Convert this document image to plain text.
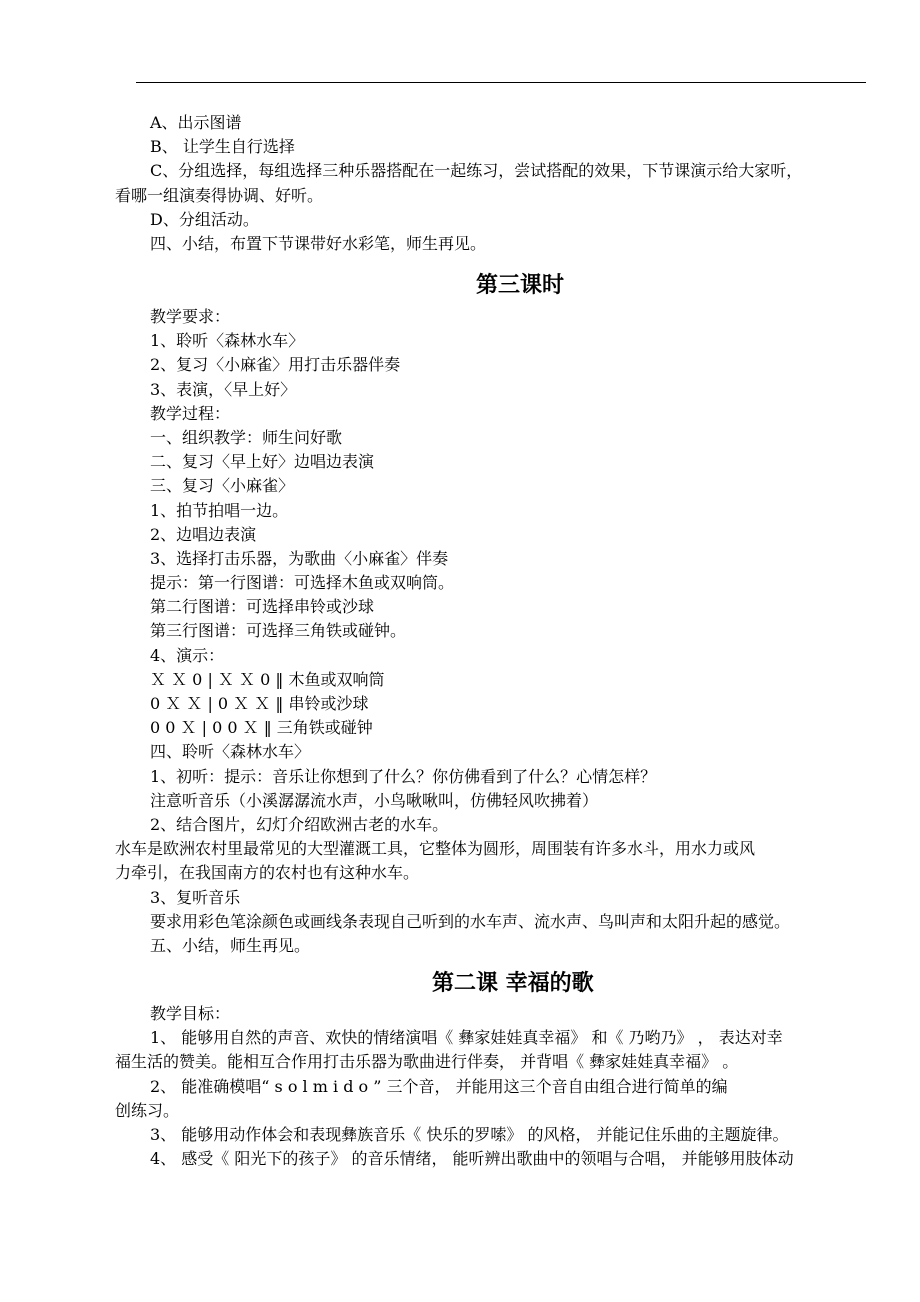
A、出示图谱
B、 让学生自行选择
C、分组选择，每组选择三种乐器搭配在一起练习，尝试搭配的效果，下节课演示给大家听，
看哪一组演奏得协调、好听。
D、分组活动。
四、小结，布置下节课带好水彩笔，师生再见。
第三课时
教学要求：
1、聆听〈森林水车〉
2、复习〈小麻雀〉用打击乐器伴奏
3、表演，〈早上好〉
教学过程：
一、组织教学：师生问好歌
二、复习〈早上好〉边唱边表演
三、复习〈小麻雀〉
1、拍节拍唱一边。
2、边唱边表演
3、选择打击乐器，为歌曲〈小麻雀〉伴奏
提示：第一行图谱：可选择木鱼或双响筒。
第二行图谱：可选择串铃或沙球
第三行图谱：可选择三角铁或碰钟。
4、演示：
Ｘ Ｘ 0 | Ｘ Ｘ 0 ‖ 木鱼或双响筒
0 Ｘ Ｘ | 0 Ｘ Ｘ ‖ 串铃或沙球
0 0 Ｘ | 0 0 Ｘ ‖ 三角铁或碰钟
四、聆听〈森林水车〉
1、初听：提示：音乐让你想到了什么？你仿佛看到了什么？心情怎样？
注意听音乐（小溪潺潺流水声，小鸟啾啾叫，仿佛轻风吹拂着）
2、结合图片，幻灯介绍欧洲古老的水车。
水车是欧洲农村里最常见的大型灌溉工具，它整体为圆形，周围装有许多水斗，用水力或风
力牵引，在我国南方的农村也有这种水车。
3、复听音乐
要求用彩色笔涂颜色或画线条表现自己听到的水车声、流水声、鸟叫声和太阳升起的感觉。
五、小结，师生再见。
第二课 幸福的歌
教学目标：
1、 能够用自然的声音、欢快的情绪演唱《 彝家娃娃真幸福》 和《 乃哟乃》 ， 表达对幸
福生活的赞美。能相互合作用打击乐器为歌曲进行伴奏， 并背唱《 彝家娃娃真幸福》 。
2、 能准确模唱“ s o l m i d o ” 三个音， 并能用这三个音自由组合进行简单的编
创练习。
3、 能够用动作体会和表现彝族音乐《 快乐的罗嗦》 的风格， 并能记住乐曲的主题旋律。
4、 感受《 阳光下的孩子》 的音乐情绪， 能听辨出歌曲中的领唱与合唱， 并能够用肢体动
